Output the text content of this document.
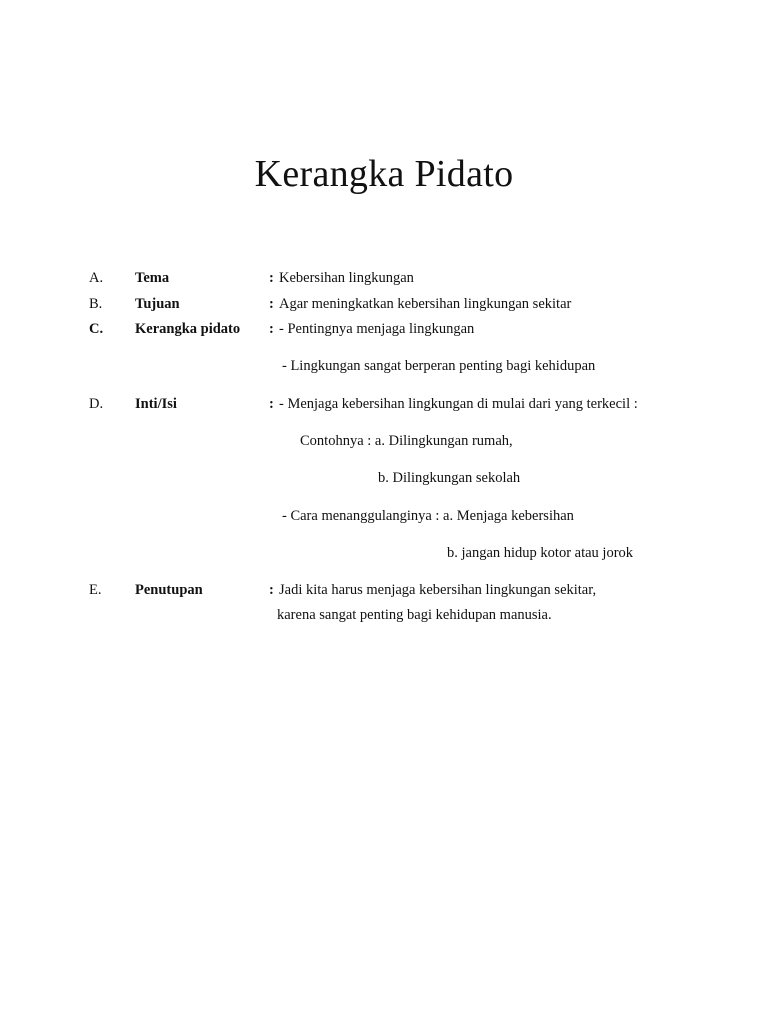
Kerangka Pidato
A. Tema	: Kebersihan lingkungan
B. Tujuan	: Agar meningkatkan kebersihan lingkungan sekitar
C. Kerangka pidato : - Pentingnya menjaga lingkungan
- Lingkungan sangat berperan penting bagi kehidupan
D. Inti/Isi	: - Menjaga kebersihan lingkungan di mulai dari yang terkecil :
Contohnya : a. Dilingkungan rumah,
b. Dilingkungan sekolah
- Cara menanggulanginya : a. Menjaga kebersihan
b. jangan hidup kotor atau jorok
E. Penutupan	: Jadi kita harus menjaga kebersihan lingkungan sekitar,
karena sangat penting bagi kehidupan manusia.
